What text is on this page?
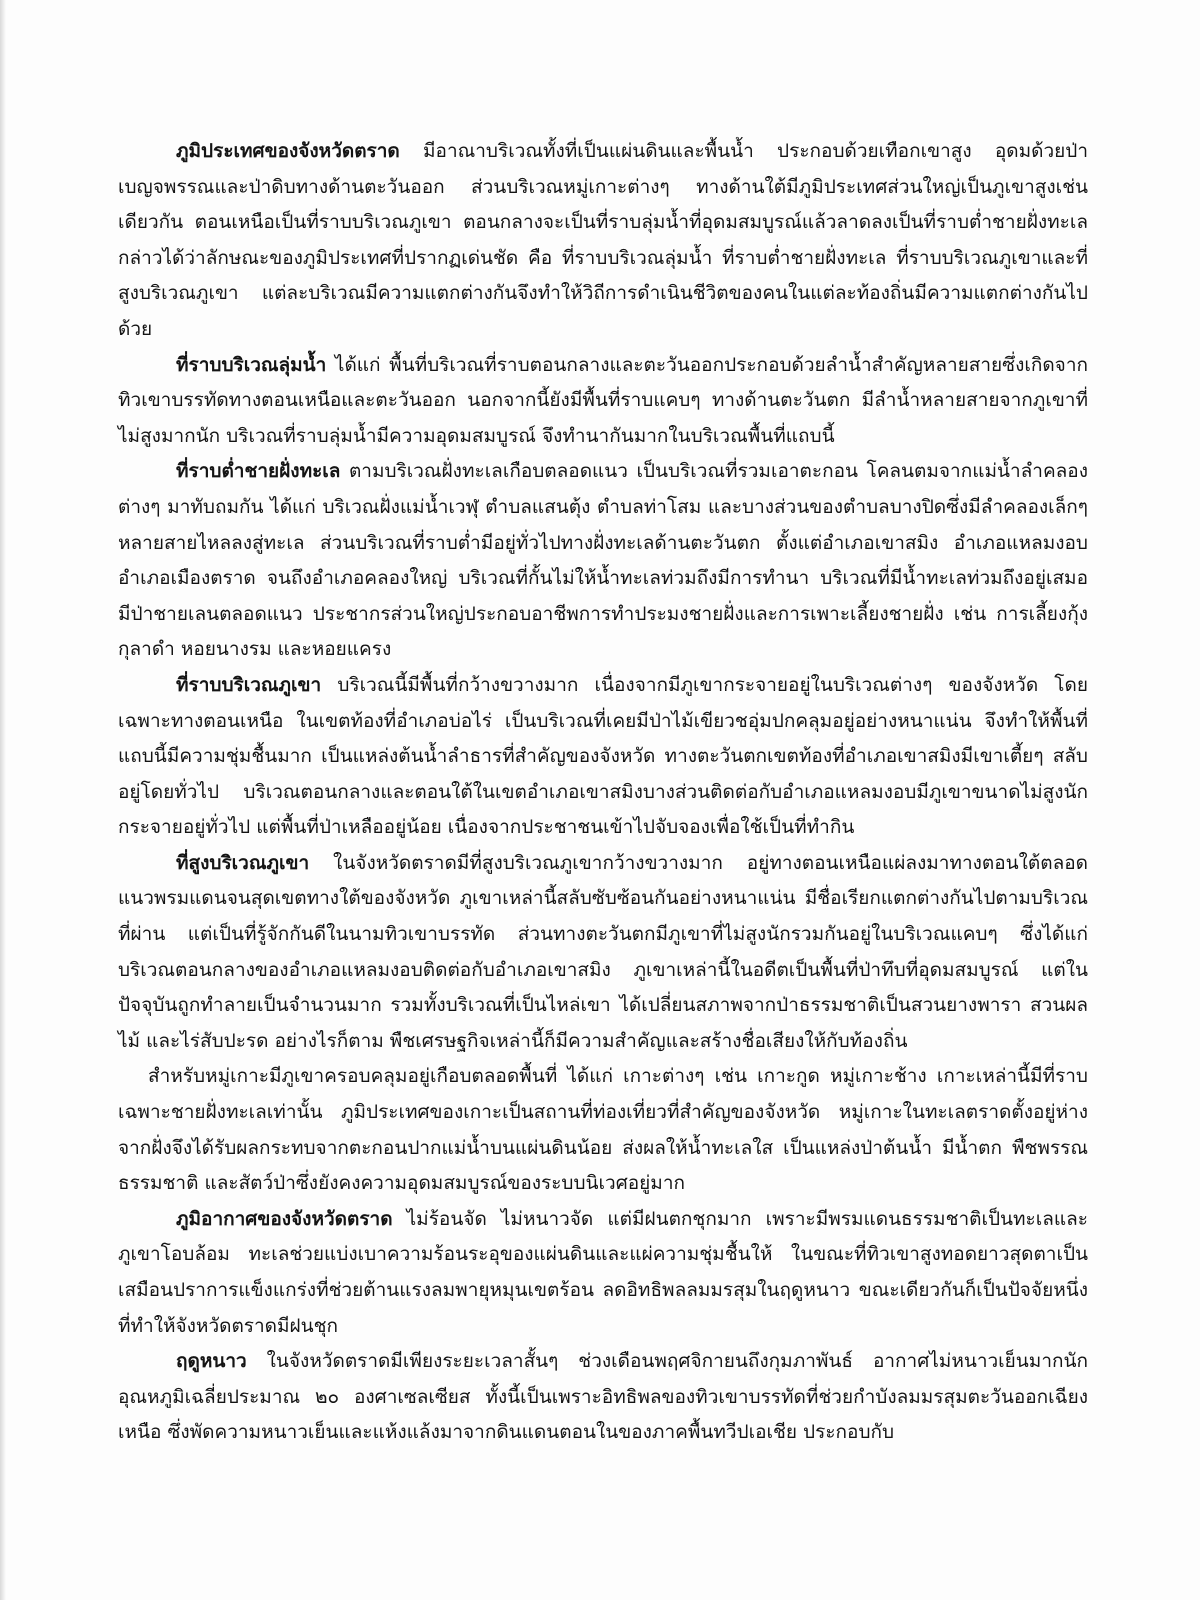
ภูมิประเทศของจังหวัดตราด มีอาณาบริเวณทั้งที่เป็นแผ่นดินและพื้นน้ำ ประกอบด้วยเทือกเขาสูง อุดมด้วยป่าเบญจพรรณและป่าดิบทางด้านตะวันออก ส่วนบริเวณหมู่เกาะต่างๆ ทางด้านใต้มีภูมิประเทศส่วนใหญ่เป็นภูเขาสูงเช่นเดียวกัน ตอนเหนือเป็นที่ราบบริเวณภูเขา ตอนกลางจะเป็นที่ราบลุ่มน้ำที่อุดมสมบูรณ์แล้วลาดลงเป็นที่ราบต่ำชายฝั่งทะเล กล่าวได้ว่าลักษณะของภูมิประเทศที่ปรากฏเด่นชัด คือ ที่ราบบริเวณลุ่มน้ำ ที่ราบต่ำชายฝั่งทะเล ที่ราบบริเวณภูเขาและที่สูงบริเวณภูเขา แต่ละบริเวณมีความแตกต่างกันจึงทำให้วิถีการดำเนินชีวิตของคนในแต่ละท้องถิ่นมีความแตกต่างกันไปด้วย

ที่ราบบริเวณลุ่มน้ำ ได้แก่ พื้นที่บริเวณที่ราบตอนกลางและตะวันออกประกอบด้วยลำน้ำสำคัญหลายสายซึ่งเกิดจากทิวเขาบรรทัดทางตอนเหนือและตะวันออก นอกจากนี้ยังมีพื้นที่ราบแคบๆ ทางด้านตะวันตก มีลำน้ำหลายสายจากภูเขาที่ไม่สูงมากนัก บริเวณที่ราบลุ่มน้ำมีความอุดมสมบูรณ์ จึงทำนากันมากในบริเวณพื้นที่แถบนี้

ที่ราบต่ำชายฝั่งทะเล ตามบริเวณฝั่งทะเลเกือบตลอดแนว เป็นบริเวณที่รวมเอาตะกอน โคลนตมจากแม่น้ำลำคลองต่างๆ มาทับถมกัน ได้แก่ บริเวณฝั่งแม่น้ำเวฬุ ตำบลแสนตุ้ง ตำบลท่าโสม และบางส่วนของตำบลบางปิดซึ่งมีลำคลองเล็กๆ หลายสายไหลลงสู่ทะเล ส่วนบริเวณที่ราบต่ำมีอยู่ทั่วไปทางฝั่งทะเลด้านตะวันตก ตั้งแต่อำเภอเขาสมิง อำเภอแหลมงอบ อำเภอเมืองตราด จนถึงอำเภอคลองใหญ่ บริเวณที่กั้นไม่ให้น้ำทะเลท่วมถึงมีการทำนา บริเวณที่มีน้ำทะเลท่วมถึงอยู่เสมอ มีป่าชายเลนตลอดแนว ประชากรส่วนใหญ่ประกอบอาชีพการทำประมงชายฝั่งและการเพาะเลี้ยงชายฝั่ง เช่น การเลี้ยงกุ้งกุลาดำ หอยนางรม และหอยแครง

ที่ราบบริเวณภูเขา บริเวณนี้มีพื้นที่กว้างขวางมาก เนื่องจากมีภูเขากระจายอยู่ในบริเวณต่างๆ ของจังหวัด โดยเฉพาะทางตอนเหนือ ในเขตท้องที่อำเภอบ่อไร่ เป็นบริเวณที่เคยมีป่าไม้เขียวชอุ่มปกคลุมอยู่อย่างหนาแน่น จึงทำให้พื้นที่แถบนี้มีความชุ่มชื้นมาก เป็นแหล่งต้นน้ำลำธารที่สำคัญของจังหวัด ทางตะวันตกเขตท้องที่อำเภอเขาสมิงมีเขาเตี้ยๆ สลับอยู่โดยทั่วไป บริเวณตอนกลางและตอนใต้ในเขตอำเภอเขาสมิงบางส่วนติดต่อกับอำเภอแหลมงอบมีภูเขาขนาดไม่สูงนักกระจายอยู่ทั่วไป แต่พื้นที่ป่าเหลืออยู่น้อย เนื่องจากประชาชนเข้าไปจับจองเพื่อใช้เป็นที่ทำกิน

ที่สูงบริเวณภูเขา ในจังหวัดตราดมีที่สูงบริเวณภูเขากว้างขวางมาก อยู่ทางตอนเหนือแผ่ลงมาทางตอนใต้ตลอดแนวพรมแดนจนสุดเขตทางใต้ของจังหวัด ภูเขาเหล่านี้สลับซับซ้อนกันอย่างหนาแน่น มีชื่อเรียกแตกต่างกันไปตามบริเวณที่ผ่าน แต่เป็นที่รู้จักกันดีในนามทิวเขาบรรทัด ส่วนทางตะวันตกมีภูเขาที่ไม่สูงนักรวมกันอยู่ในบริเวณแคบๆ ซึ่งได้แก่ บริเวณตอนกลางของอำเภอแหลมงอบติดต่อกับอำเภอเขาสมิง ภูเขาเหล่านี้ในอดีตเป็นพื้นที่ป่าทึบที่อุดมสมบูรณ์ แต่ในปัจจุบันถูกทำลายเป็นจำนวนมาก รวมทั้งบริเวณที่เป็นไหล่เขา ได้เปลี่ยนสภาพจากป่าธรรมชาติเป็นสวนยางพารา สวนผลไม้ และไร่สับปะรด อย่างไรก็ตาม พืชเศรษฐกิจเหล่านี้ก็มีความสำคัญและสร้างชื่อเสียงให้กับท้องถิ่น

สำหรับหมู่เกาะมีภูเขาครอบคลุมอยู่เกือบตลอดพื้นที่ ได้แก่ เกาะต่างๆ เช่น เกาะกูด หมู่เกาะช้าง เกาะเหล่านี้มีที่ราบเฉพาะชายฝั่งทะเลเท่านั้น ภูมิประเทศของเกาะเป็นสถานที่ท่องเที่ยวที่สำคัญของจังหวัด หมู่เกาะในทะเลตราดตั้งอยู่ห่างจากฝั่งจึงได้รับผลกระทบจากตะกอนปากแม่น้ำบนแผ่นดินน้อย ส่งผลให้น้ำทะเลใส เป็นแหล่งป่าต้นน้ำ มีน้ำตก พืชพรรณธรรมชาติ และสัตว์ป่าซึ่งยังคงความอุดมสมบูรณ์ของระบบนิเวศอยู่มาก

ภูมิอากาศของจังหวัดตราด ไม่ร้อนจัด ไม่หนาวจัด แต่มีฝนตกชุกมาก เพราะมีพรมแดนธรรมชาติเป็นทะเลและภูเขาโอบล้อม ทะเลช่วยแบ่งเบาความร้อนระอุของแผ่นดินและแผ่ความชุ่มชื้นให้ ในขณะที่ทิวเขาสูงทอดยาวสุดตาเป็นเสมือนปราการแข็งแกร่งที่ช่วยต้านแรงลมพายุหมุนเขตร้อน ลดอิทธิพลลมมรสุมในฤดูหนาว ขณะเดียวกันก็เป็นปัจจัยหนึ่งที่ทำให้จังหวัดตราดมีฝนชุก

ฤดูหนาว ในจังหวัดตราดมีเพียงระยะเวลาสั้นๆ ช่วงเดือนพฤศจิกายนถึงกุมภาพันธ์ อากาศไม่หนาวเย็นมากนัก อุณหภูมิเฉลี่ยประมาณ ๒๐ องศาเซลเซียส ทั้งนี้เป็นเพราะอิทธิพลของทิวเขาบรรทัดที่ช่วยกำบังลมมรสุมตะวันออกเฉียงเหนือ ซึ่งพัดความหนาวเย็นและแห้งแล้งมาจากดินแดนตอนในของภาคพื้นทวีปเอเชีย ประกอบกับ
